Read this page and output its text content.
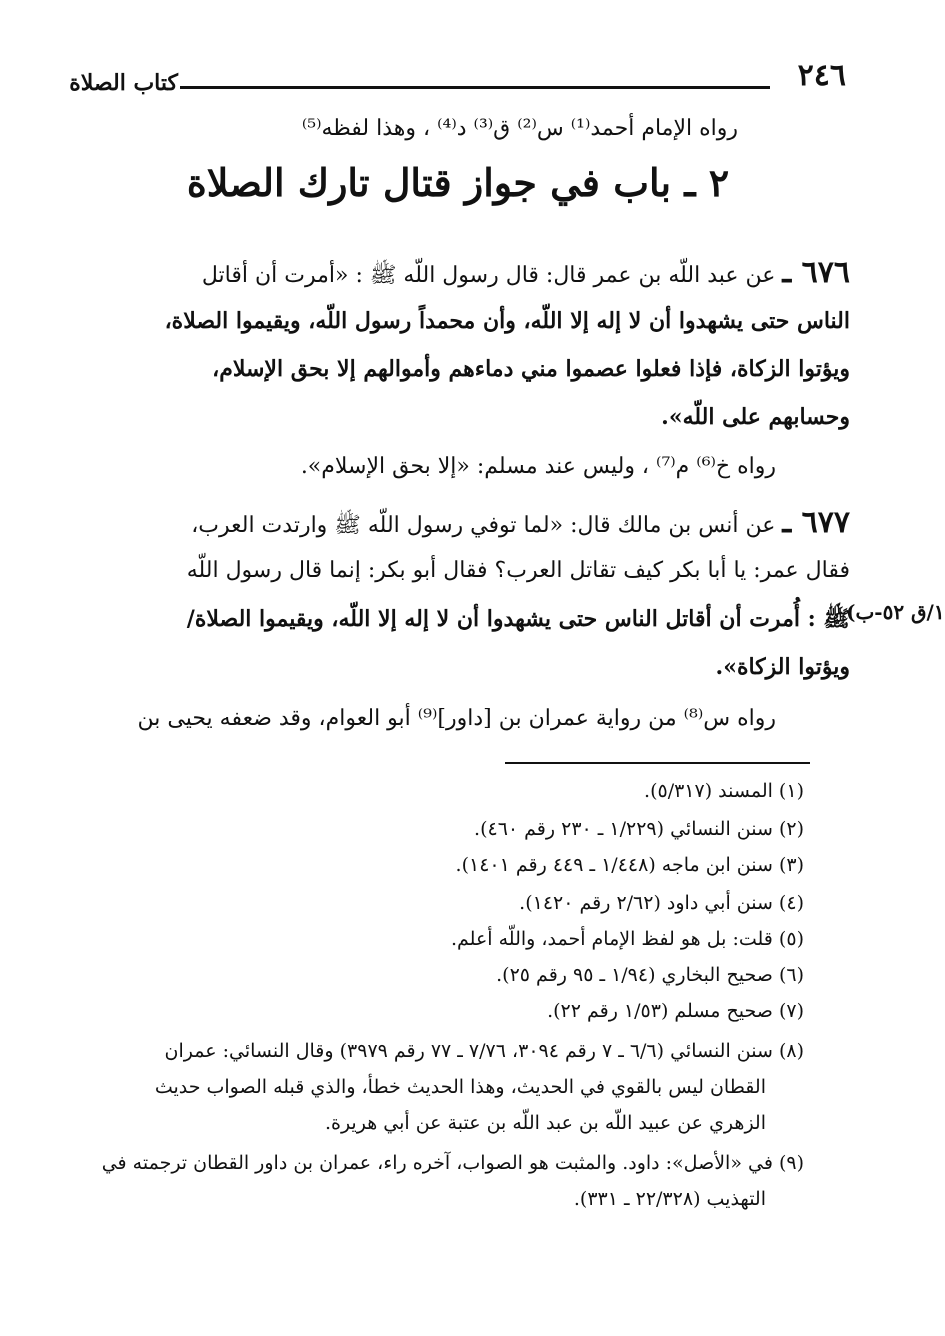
٢٤٦
كتاب الصلاة
رواه الإمام أحمد⁽¹⁾ س⁽²⁾ ق⁽³⁾ د⁽⁴⁾ ، وهذا لفظه⁽⁵⁾
٢ ـ باب في جواز قتال تارك الصلاة
٦٧٦ ـ عن عبد اللّه بن عمر قال: قال رسول اللّه ﷺ : «أمرت أن أقاتل
الناس حتى يشهدوا أن لا إله إلا اللّه، وأن محمداً رسول اللّه، ويقيموا الصلاة،
ويؤتوا الزكاة، فإذا فعلوا عصموا مني دماءهم وأموالهم إلا بحق الإسلام،
وحسابهم على اللّه».
رواه خ⁽⁶⁾ م⁽⁷⁾ ، وليس عند مسلم: «إلا بحق الإسلام».
٦٧٧ ـ عن أنس بن مالك قال: «لما توفي رسول اللّه ﷺ وارتدت العرب،
فقال عمر: يا أبا بكر كيف تقاتل العرب؟ فقال أبو بكر: إنما قال رسول اللّه
ﷺ : أُمرت أن أقاتل الناس حتى يشهدوا أن لا إله إلا اللّه، ويقيموا الصلاة/
ويؤتوا الزكاة».
رواه س⁽⁸⁾ من رواية عمران بن [داور]⁽⁹⁾ أبو العوام، وقد ضعفه يحيى بن
١/ق ٥٢-ب)
(١) المسند (٥/٣١٧).
(٢) سنن النسائي (١/٢٢٩ ـ ٢٣٠ رقم ٤٦٠).
(٣) سنن ابن ماجه (١/٤٤٨ ـ ٤٤٩ رقم ١٤٠١).
(٤) سنن أبي داود (٢/٦٢ رقم ١٤٢٠).
(٥) قلت: بل هو لفظ الإمام أحمد، واللّه أعلم.
(٦) صحيح البخاري (١/٩٤ ـ ٩٥ رقم ٢٥).
(٧) صحيح مسلم (١/٥٣ رقم ٢٢).
(٨) سنن النسائي (٦/٦ ـ ٧ رقم ٣٠٩٤، ٧/٧٦ ـ ٧٧ رقم ٣٩٧٩) وقال النسائي: عمران
القطان ليس بالقوي في الحديث، وهذا الحديث خطأ، والذي قبله الصواب حديث
الزهري عن عبيد اللّه بن عبد اللّه بن عتبة عن أبي هريرة.
(٩) في «الأصل»: داود. والمثبت هو الصواب، آخره راء، عمران بن داور القطان ترجمته في
التهذيب (٢٢/٣٢٨ ـ ٣٣١).
